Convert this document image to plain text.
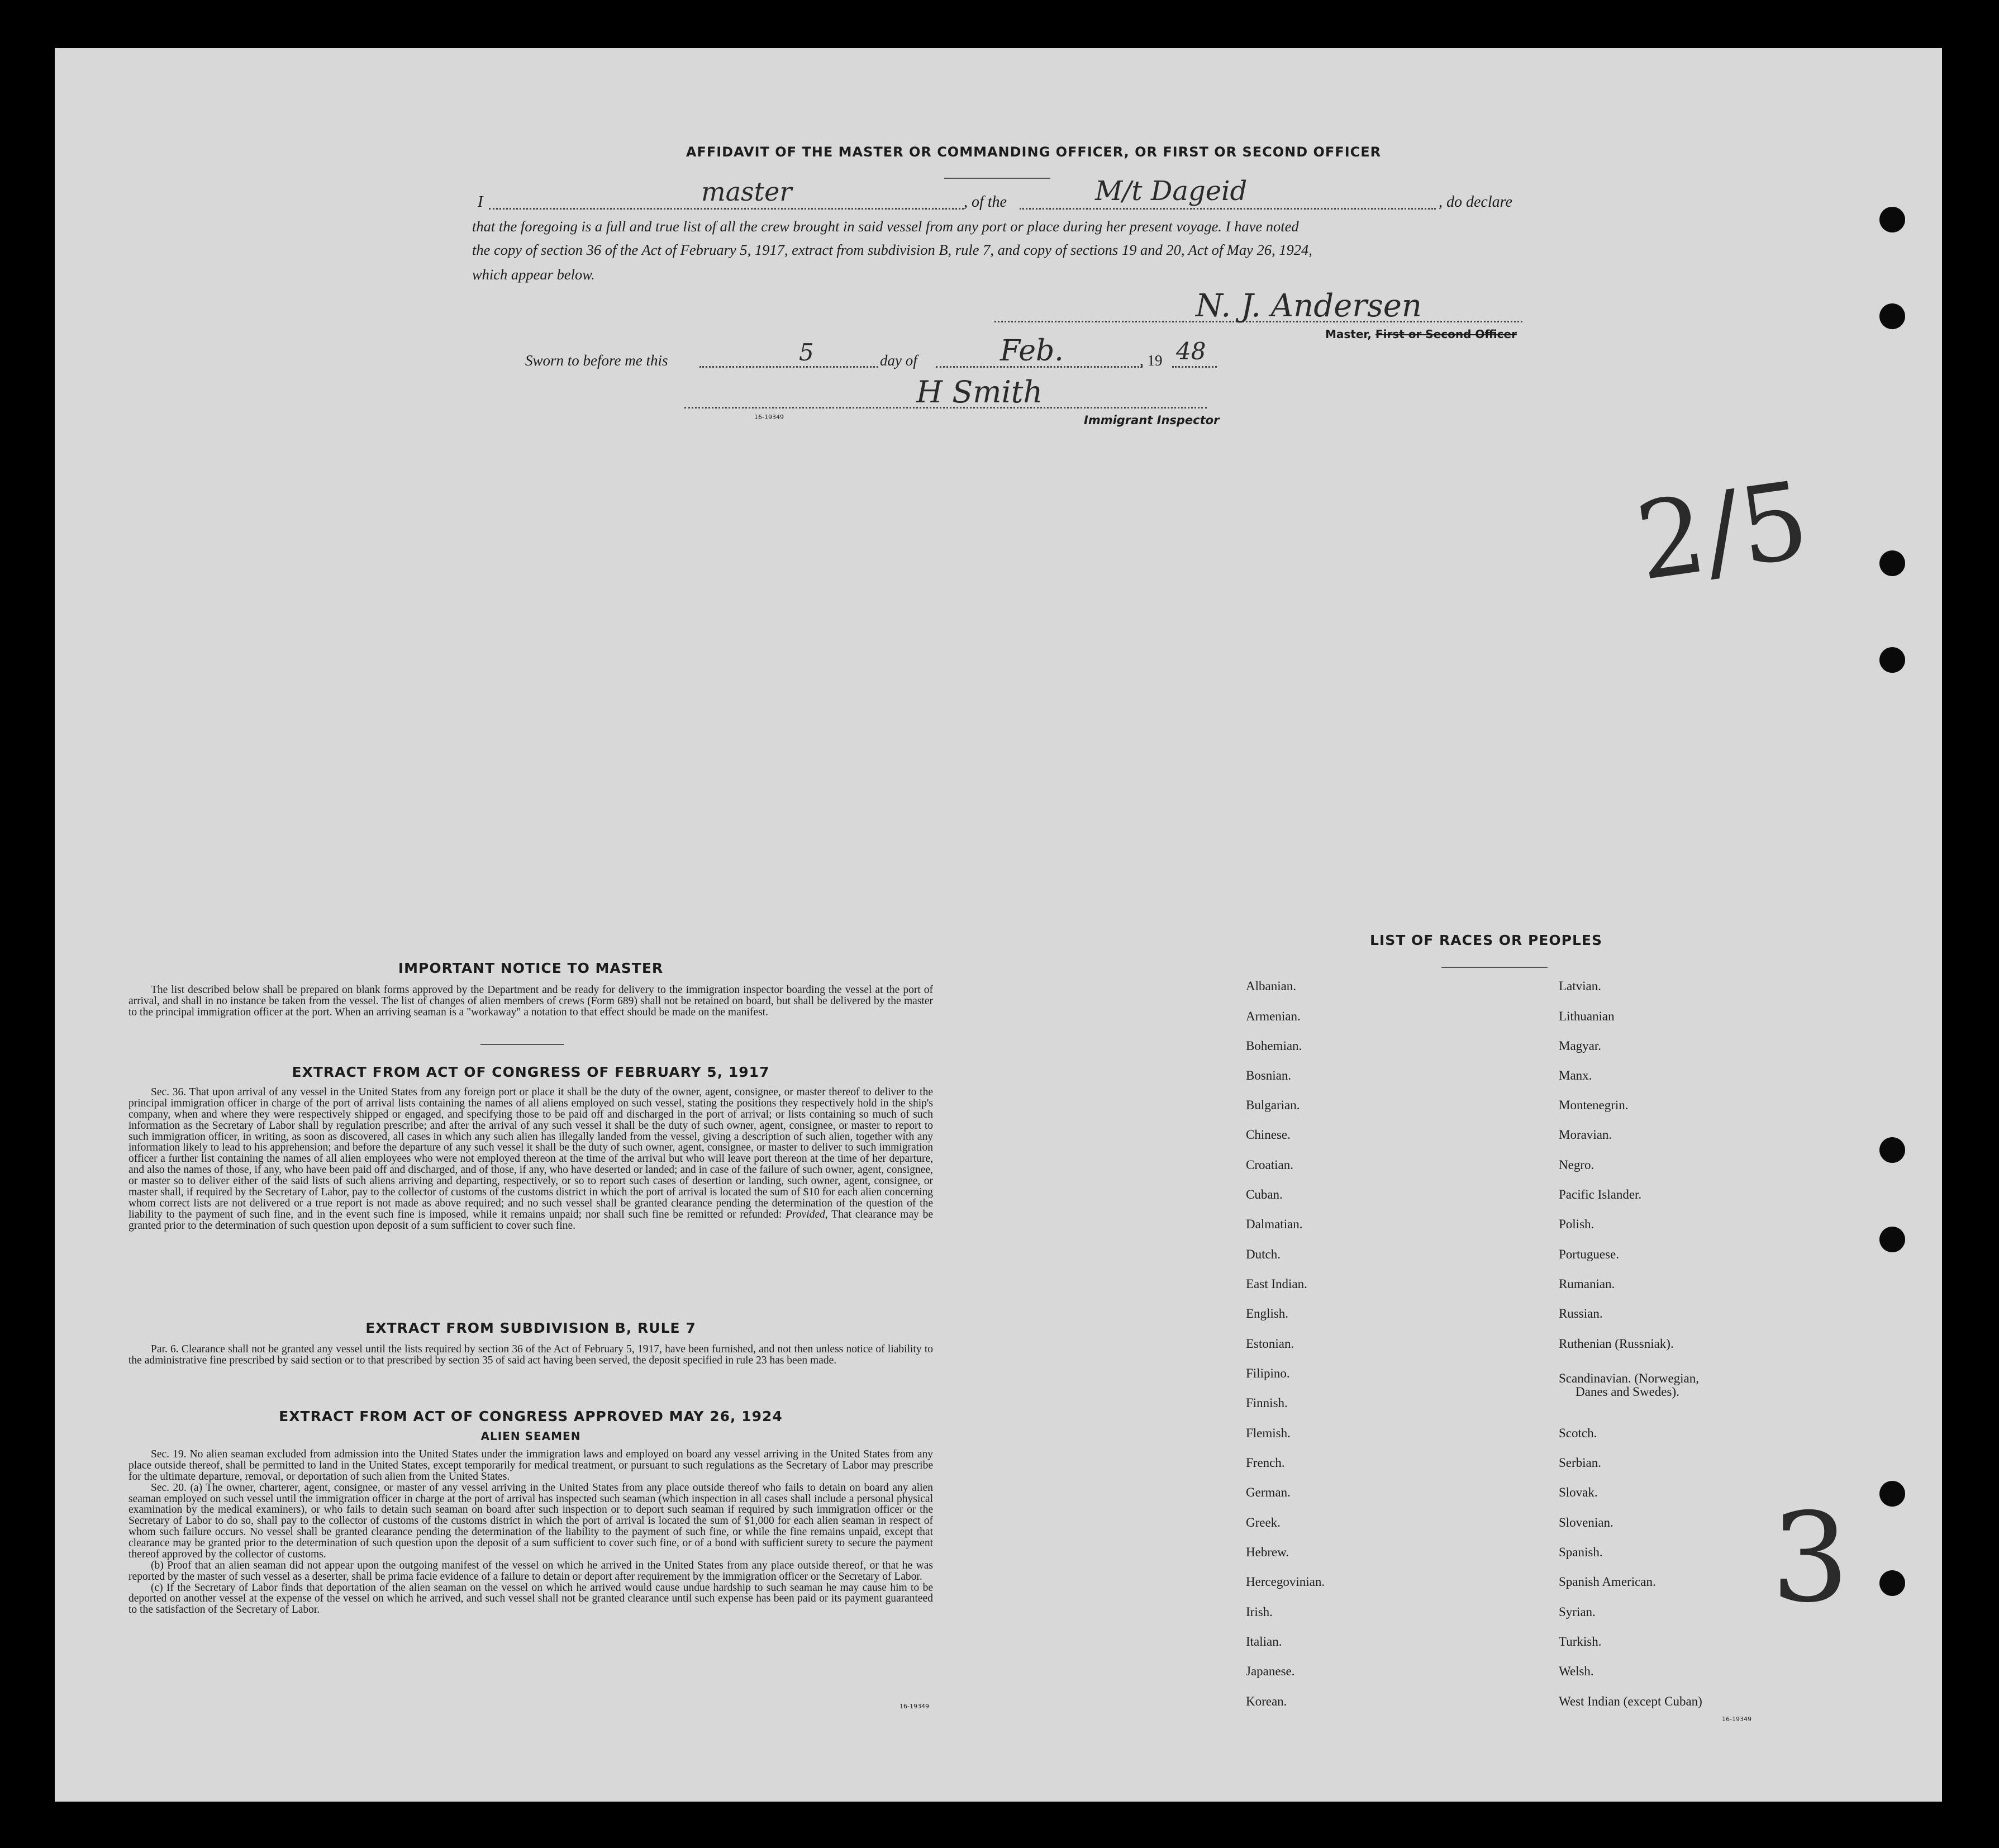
AFFIDAVIT OF THE MASTER OR COMMANDING OFFICER, OR FIRST OR SECOND OFFICER
I	, of the	, do declare
master	M/t Dageid
that the foregoing is a full and true list of all the crew brought in said vessel from any port or place during her present voyage. I have noted
the copy of section 36 of the Act of February 5, 1917, extract from subdivision B, rule 7, and copy of sections 19 and 20, Act of May 26, 1924,
which appear below.
N. J. Andersen
Master, First or Second Officer
Sworn to before me this	5	day of	Feb.	, 19 48
H Smith
16-19349	Immigrant Inspector
2/5
3
IMPORTANT NOTICE TO MASTER
The list described below shall be prepared on blank forms approved by the Department and be ready for delivery to the immigration inspector boarding the vessel at the port of arrival, and shall in no instance be taken from the vessel. The list of changes of alien members of crews (Form 689) shall not be retained on board, but shall be delivered by the master to the principal immigration officer at the port. When an arriving seaman is a "workaway" a notation to that effect should be made on the manifest.
EXTRACT FROM ACT OF CONGRESS OF FEBRUARY 5, 1917
Sec. 36. That upon arrival of any vessel in the United States from any foreign port or place it shall be the duty of the owner, agent, consignee, or master thereof to deliver to the principal immigration officer in charge of the port of arrival lists containing the names of all aliens employed on such vessel, stating the positions they respectively hold in the ship's company, when and where they were respectively shipped or engaged, and specifying those to be paid off and discharged in the port of arrival; or lists containing so much of such information as the Secretary of Labor shall by regulation prescribe; and after the arrival of any such vessel it shall be the duty of such owner, agent, consignee, or master to report to such immigration officer, in writing, as soon as discovered, all cases in which any such alien has illegally landed from the vessel, giving a description of such alien, together with any information likely to lead to his apprehension; and before the departure of any such vessel it shall be the duty of such owner, agent, consignee, or master to deliver to such immigration officer a further list containing the names of all alien employees who were not employed thereon at the time of the arrival but who will leave port thereon at the time of her departure, and also the names of those, if any, who have been paid off and discharged, and of those, if any, who have deserted or landed; and in case of the failure of such owner, agent, consignee, or master so to deliver either of the said lists of such aliens arriving and departing, respectively, or so to report such cases of desertion or landing, such owner, agent, consignee, or master shall, if required by the Secretary of Labor, pay to the collector of customs of the customs district in which the port of arrival is located the sum of $10 for each alien concerning whom correct lists are not delivered or a true report is not made as above required; and no such vessel shall be granted clearance pending the determination of the question of the liability to the payment of such fine, and in the event such fine is imposed, while it remains unpaid; nor shall such fine be remitted or refunded: Provided, That clearance may be granted prior to the determination of such question upon deposit of a sum sufficient to cover such fine.
EXTRACT FROM SUBDIVISION B, RULE 7
Par. 6. Clearance shall not be granted any vessel until the lists required by section 36 of the Act of February 5, 1917, have been furnished, and not then unless notice of liability to the administrative fine prescribed by said section or to that prescribed by section 35 of said act having been served, the deposit specified in rule 23 has been made.
EXTRACT FROM ACT OF CONGRESS APPROVED MAY 26, 1924
ALIEN SEAMEN
Sec. 19. No alien seaman excluded from admission into the United States under the immigration laws and employed on board any vessel arriving in the United States from any place outside thereof, shall be permitted to land in the United States, except temporarily for medical treatment, or pursuant to such regulations as the Secretary of Labor may prescribe for the ultimate departure, removal, or deportation of such alien from the United States.
Sec. 20. (a) The owner, charterer, agent, consignee, or master of any vessel arriving in the United States from any place outside thereof who fails to detain on board any alien seaman employed on such vessel until the immigration officer in charge at the port of arrival has inspected such seaman (which inspection in all cases shall include a personal physical examination by the medical examiners), or who fails to detain such seaman on board after such inspection or to deport such seaman if required by such immigration officer or the Secretary of Labor to do so, shall pay to the collector of customs of the customs district in which the port of arrival is located the sum of $1,000 for each alien seaman in respect of whom such failure occurs. No vessel shall be granted clearance pending the determination of the liability to the payment of such fine, or while the fine remains unpaid, except that clearance may be granted prior to the determination of such question upon the deposit of a sum sufficient to cover such fine, or of a bond with sufficient surety to secure the payment thereof approved by the collector of customs.
(b) Proof that an alien seaman did not appear upon the outgoing manifest of the vessel on which he arrived in the United States from any place outside thereof, or that he was reported by the master of such vessel as a deserter, shall be prima facie evidence of a failure to detain or deport after requirement by the immigration officer or the Secretary of Labor.
(c) If the Secretary of Labor finds that deportation of the alien seaman on the vessel on which he arrived would cause undue hardship to such seaman he may cause him to be deported on another vessel at the expense of the vessel on which he arrived, and such vessel shall not be granted clearance until such expense has been paid or its payment guaranteed to the satisfaction of the Secretary of Labor.
16-19349
LIST OF RACES OR PEOPLES
Albanian.
Armenian.
Bohemian.
Bosnian.
Bulgarian.
Chinese.
Croatian.
Cuban.
Dalmatian.
Dutch.
East Indian.
English.
Estonian.
Filipino.
Finnish.
Flemish.
French.
German.
Greek.
Hebrew.
Hercegovinian.
Irish.
Italian.
Japanese.
Korean.
Latvian.
Lithuanian
Magyar.
Manx.
Montenegrin.
Moravian.
Negro.
Pacific Islander.
Polish.
Portuguese.
Rumanian.
Russian.
Ruthenian (Russniak).
Scandinavian. (Norwegian,
Danes and Swedes).
Scotch.
Serbian.
Slovak.
Slovenian.
Spanish.
Spanish American.
Syrian.
Turkish.
Welsh.
West Indian (except Cuban)
16-19349
